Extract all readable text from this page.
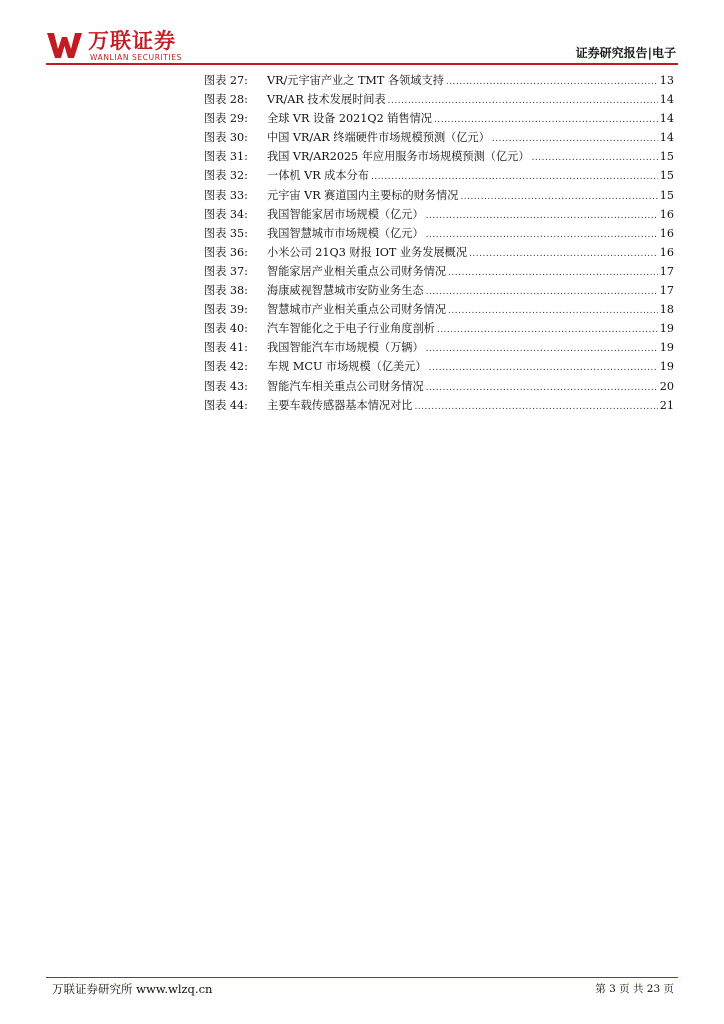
万联证券
WANLIAN SECURITIES	证券研究报告|电子
图表 27:	VR/元宇宙产业之 TMT 各领域支持 .....	13
图表 28:	VR/AR 技术发展时间表 .....	14
图表 29:	全球 VR 设备 2021Q2 销售情况 .....	14
图表 30:	中国 VR/AR 终端硬件市场规模预测（亿元） .....	14
图表 31:	我国 VR/AR2025 年应用服务市场规模预测（亿元） .....	15
图表 32:	一体机 VR 成本分布 .....	15
图表 33:	元宇宙 VR 赛道国内主要标的财务情况 .....	15
图表 34:	我国智能家居市场规模（亿元） .....	16
图表 35:	我国智慧城市市场规模（亿元） .....	16
图表 36:	小米公司 21Q3 财报 IOT 业务发展概况 .....	16
图表 37:	智能家居产业相关重点公司财务情况 .....	17
图表 38:	海康威视智慧城市安防业务生态 .....	17
图表 39:	智慧城市产业相关重点公司财务情况 .....	18
图表 40:	汽车智能化之于电子行业角度剖析 .....	19
图表 41:	我国智能汽车市场规模（万辆） .....	19
图表 42:	车规 MCU 市场规模（亿美元） .....	19
图表 43:	智能汽车相关重点公司财务情况 .....	20
图表 44:	主要车载传感器基本情况对比 .....	21
万联证券研究所 www.wlzq.cn	第 3 页 共 23 页
